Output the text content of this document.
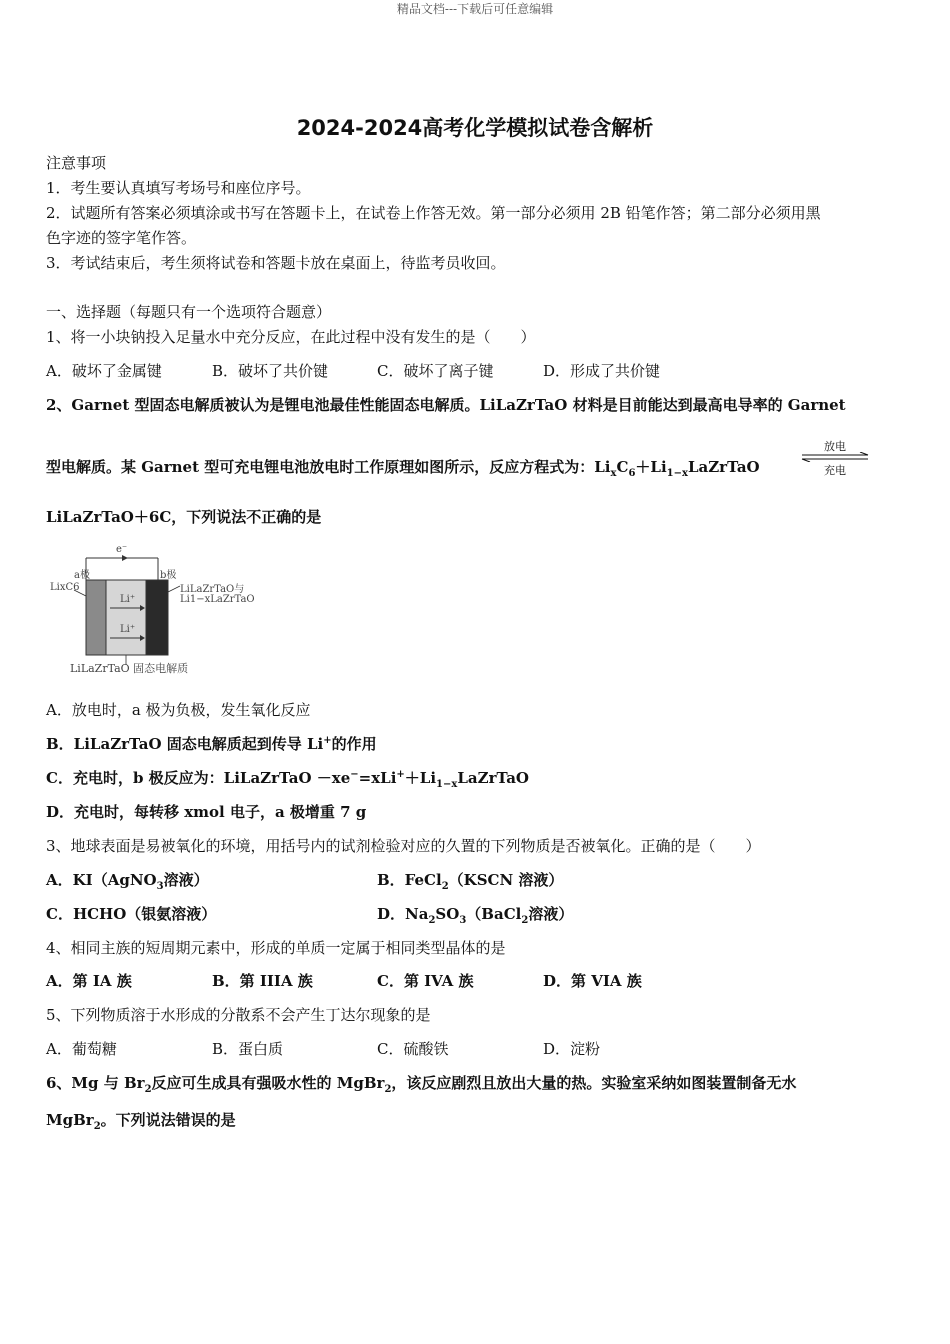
精品文档---下载后可任意编辑
2024-2024高考化学模拟试卷含解析
注意事项
1．考生要认真填写考场号和座位序号。
2．试题所有答案必须填涂或书写在答题卡上，在试卷上作答无效。第一部分必须用 2B 铅笔作答；第二部分必须用黑
色字迹的签字笔作答。
3．考试结束后，考生须将试卷和答题卡放在桌面上，待监考员收回。
一、选择题（每题只有一个选项符合题意）
1、将一小块钠投入足量水中充分反应，在此过程中没有发生的是（　　）
A．破坏了金属键	B．破坏了共价键	C．破坏了离子键	D．形成了共价键
2、Garnet 型固态电解质被认为是锂电池最佳性能固态电解质。LiLaZrTaO 材料是目前能达到最高电导率的 Garnet
型电解质。某 Garnet 型可充电锂电池放电时工作原理如图所示，反应方程式为：$Li_xC_6+Li_{1-x}LaZrTaO$
放电
充电
LiLaZrTaO＋6C，下列说法不正确的是
e⁻
a极	b极
LixC6	LiLaZrTaO与
Li1−xLaZrTaO
Li⁺
Li⁺
LiLaZrTaO 固态电解质
A．放电时，a 极为负极，发生氧化反应
B．LiLaZrTaO 固态电解质起到传导 Li+的作用
C．充电时，b 极反应为：LiLaZrTaO $-xe^-=xLi^++Li_{1-x}LaZrTaO$
D．充电时，每转移 xmol 电子，a 极增重 7 g
3、地球表面是易被氧化的环境，用括号内的试剂检验对应的久置的下列物质是否被氧化。正确的是（　　）
A．KI（AgNO$_3$溶液）	B．FeCl$_2$（KSCN 溶液）
C．HCHO（银氨溶液）	D．$Na_2SO_3(BaCl_2$溶液）
4、相同主族的短周期元素中，形成的单质一定属于相同类型晶体的是
A．第 IA 族	B．第 IIIA 族	C．第 IVA 族	D．第 VIA 族
5、下列物质溶于水形成的分散系不会产生丁达尔现象的是
A．葡萄糖	B．蛋白质	C．硫酸铁	D．淀粉
6、Mg 与 $Br_2$反应可生成具有强吸水性的 MgBr$_2$，该反应剧烈且放出大量的热。实验室采纳如图装置制备无水
MgBr$_2$。下列说法错误的是
